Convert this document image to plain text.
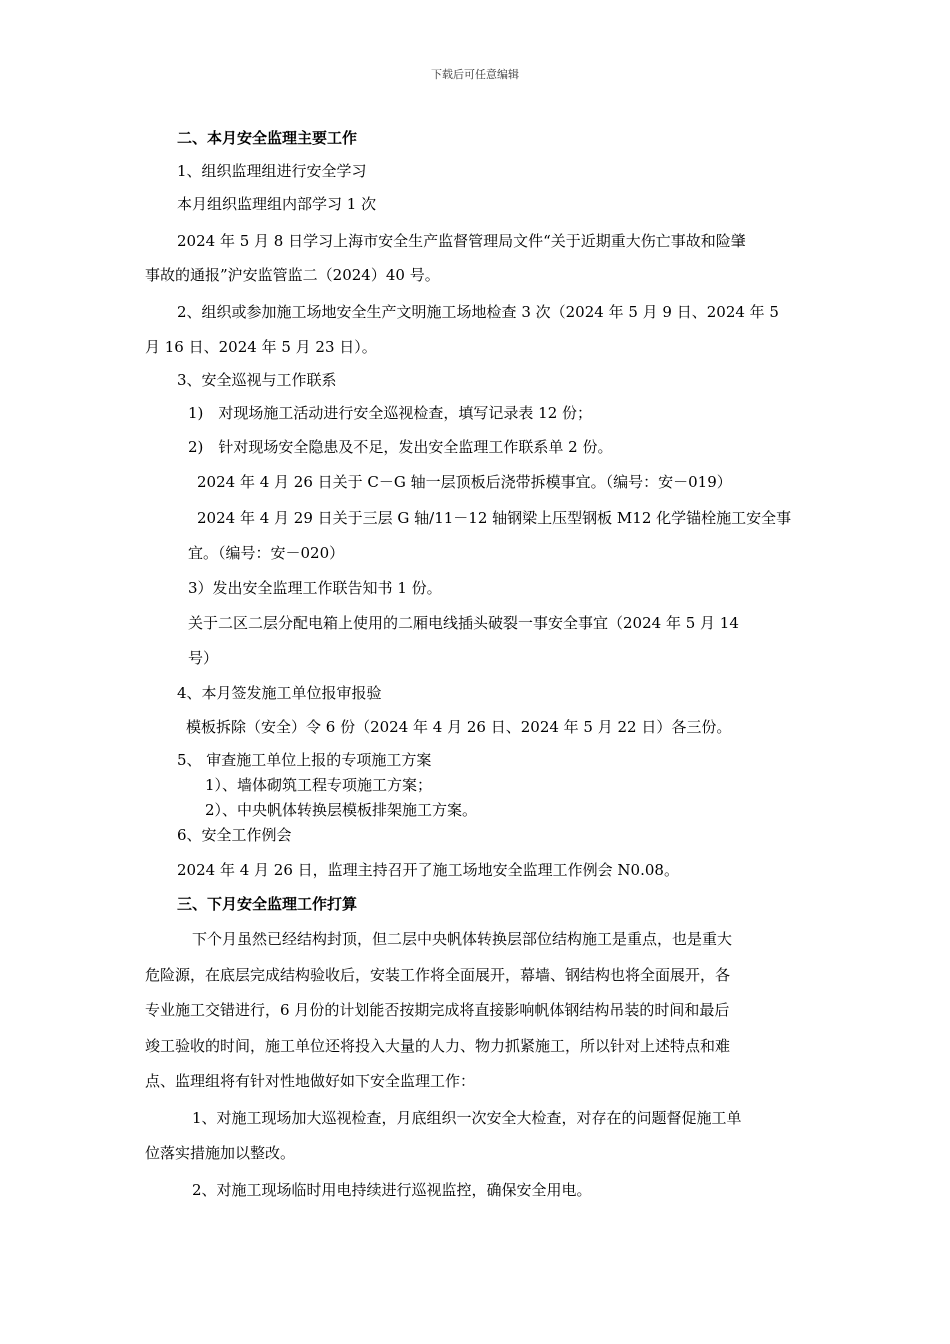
下载后可任意编辑
二、本月安全监理主要工作
1、组织监理组进行安全学习
本月组织监理组内部学习 1 次
2024 年 5 月 8 日学习上海市安全生产监督管理局文件“关于近期重大伤亡事故和险肇
事故的通报”沪安监管监二（2024）40 号。
2、组织或参加施工场地安全生产文明施工场地检查 3 次（2024 年 5 月 9 日、2024 年 5
月 16 日、2024 年 5 月 23 日）。
3、安全巡视与工作联系
1)　对现场施工活动进行安全巡视检查，填写记录表 12 份；
2)　针对现场安全隐患及不足，发出安全监理工作联系单 2 份。
2024 年 4 月 26 日关于 C－G 轴一层顶板后浇带拆模事宜。（编号：安－019）
2024 年 4 月 29 日关于三层 G 轴/11－12 轴钢梁上压型钢板 M12 化学锚栓施工安全事
宜。（编号：安－020）
3）发出安全监理工作联告知书 1 份。
关于二区二层分配电箱上使用的二厢电线插头破裂一事安全事宜（2024 年 5 月 14
号）
4、本月签发施工单位报审报验
模板拆除（安全）令 6 份（2024 年 4 月 26 日、2024 年 5 月 22 日）各三份。
5、 审查施工单位上报的专项施工方案
1）、墙体砌筑工程专项施工方案；
2）、中央帆体转换层模板排架施工方案。
6、安全工作例会
2024 年 4 月 26 日，监理主持召开了施工场地安全监理工作例会 N0.08。
三、下月安全监理工作打算
下个月虽然已经结构封顶，但二层中央帆体转换层部位结构施工是重点，也是重大
危险源，在底层完成结构验收后，安装工作将全面展开，幕墙、钢结构也将全面展开，各
专业施工交错进行，6 月份的计划能否按期完成将直接影响帆体钢结构吊装的时间和最后
竣工验收的时间，施工单位还将投入大量的人力、物力抓紧施工，所以针对上述特点和难
点、监理组将有针对性地做好如下安全监理工作：
1、对施工现场加大巡视检查，月底组织一次安全大检查，对存在的问题督促施工单
位落实措施加以整改。
2、对施工现场临时用电持续进行巡视监控，确保安全用电。
